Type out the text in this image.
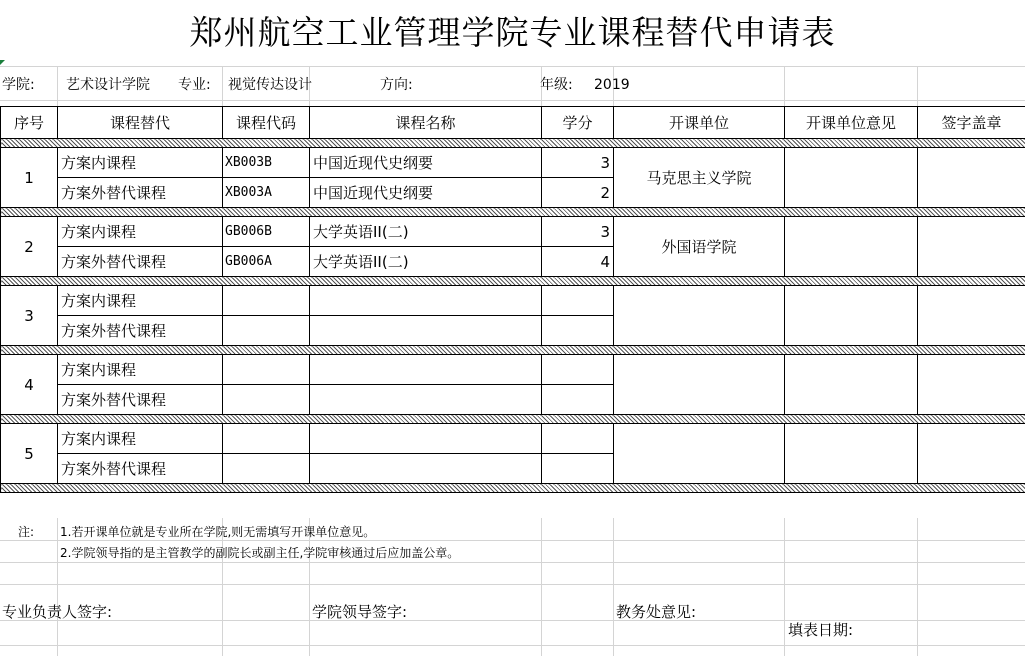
郑州航空工业管理学院专业课程替代申请表
学院: 艺术设计学院 专业: 视觉传达设计	方向:	年级: 2019
序号	课程替代	课程代码	课程名称	学分	开课单位	开课单位意见	签字盖章

1	方案内课程	XB003B	中国近现代史纲要	3	马克思主义学院		
	方案外替代课程	XB003A	中国近现代史纲要	2			

2	方案内课程	GB006B	大学英语II(二)	3	外国语学院		
	方案外替代课程	GB006A	大学英语II(二)	4			

3	方案内课程						
	方案外替代课程						

4	方案内课程						
	方案外替代课程						

5	方案内课程						
	方案外替代课程						

注: 1.若开课单位就是专业所在学院,则无需填写开课单位意见。
2.学院领导指的是主管教学的副院长或副主任,学院审核通过后应加盖公章。
专业负责人签字:	学院领导签字:	教务处意见:
填表日期:
